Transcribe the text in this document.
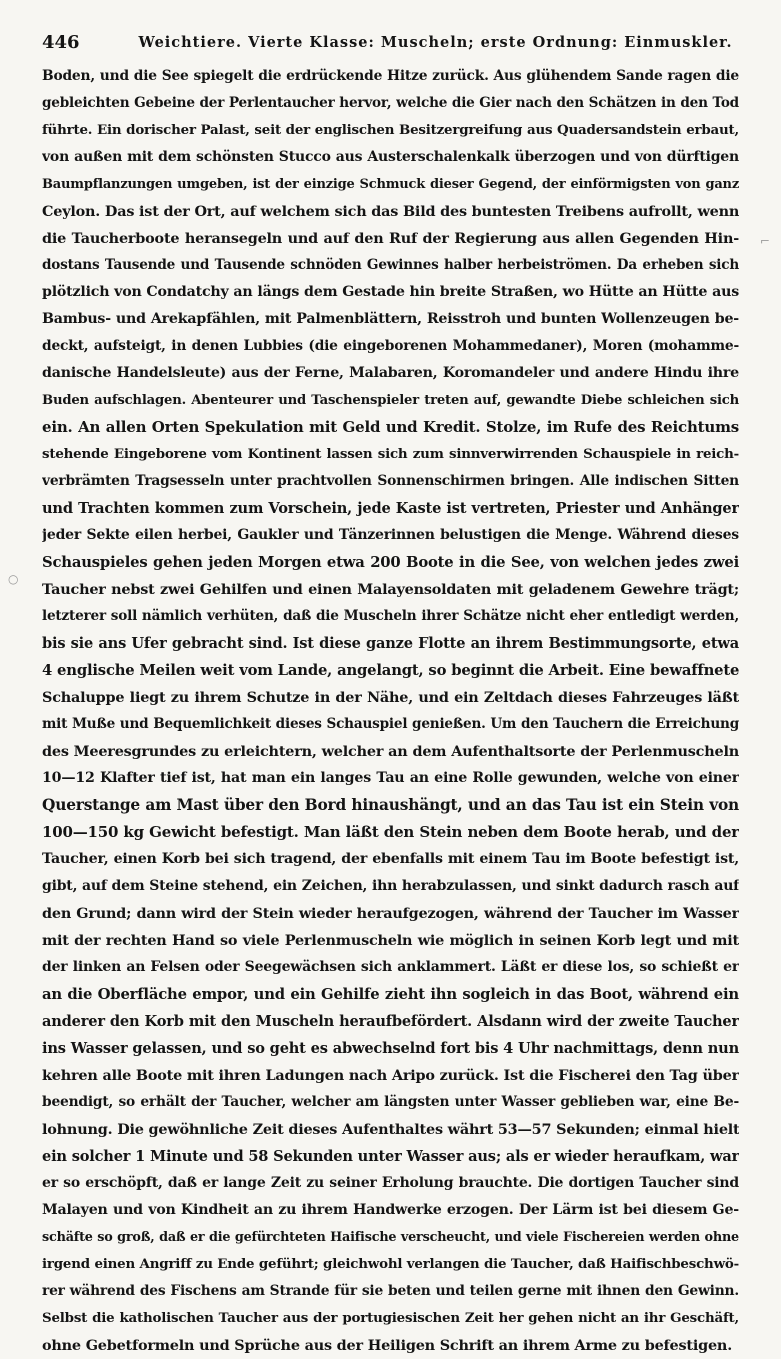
446	Weichtiere. Vierte Klasse: Muscheln; erste Ordnung: Einmuskler.
⌐
○
Boden, und die See spiegelt die erdrückende Hitze zurück. Aus glühendem Sande ragen die
gebleichten Gebeine der Perlentaucher hervor, welche die Gier nach den Schätzen in den Tod
führte. Ein dorischer Palast, seit der englischen Besitzergreifung aus Quadersandstein erbaut,
von außen mit dem schönsten Stucco aus Austerschalenkalk überzogen und von dürftigen
Baumpflanzungen umgeben, ist der einzige Schmuck dieser Gegend, der einförmigsten von ganz
Ceylon. Das ist der Ort, auf welchem sich das Bild des buntesten Treibens aufrollt, wenn
die Taucherboote heransegeln und auf den Ruf der Regierung aus allen Gegenden Hin-
dostans Tausende und Tausende schnöden Gewinnes halber herbeiströmen. Da erheben sich
plötzlich von Condatchy an längs dem Gestade hin breite Straßen, wo Hütte an Hütte aus
Bambus- und Arekapfählen, mit Palmenblättern, Reisstroh und bunten Wollenzeugen be-
deckt, aufsteigt, in denen Lubbies (die eingeborenen Mohammedaner), Moren (mohamme-
danische Handelsleute) aus der Ferne, Malabaren, Koromandeler und andere Hindu ihre
Buden aufschlagen. Abenteurer und Taschenspieler treten auf, gewandte Diebe schleichen sich
ein. An allen Orten Spekulation mit Geld und Kredit. Stolze, im Rufe des Reichtums
stehende Eingeborene vom Kontinent lassen sich zum sinnverwirrenden Schauspiele in reich-
verbrämten Tragsesseln unter prachtvollen Sonnenschirmen bringen. Alle indischen Sitten
und Trachten kommen zum Vorschein, jede Kaste ist vertreten, Priester und Anhänger
jeder Sekte eilen herbei, Gaukler und Tänzerinnen belustigen die Menge. Während dieses
Schauspieles gehen jeden Morgen etwa 200 Boote in die See, von welchen jedes zwei
Taucher nebst zwei Gehilfen und einen Malayensoldaten mit geladenem Gewehre trägt;
letzterer soll nämlich verhüten, daß die Muscheln ihrer Schätze nicht eher entledigt werden,
bis sie ans Ufer gebracht sind. Ist diese ganze Flotte an ihrem Bestimmungsorte, etwa
4 englische Meilen weit vom Lande, angelangt, so beginnt die Arbeit. Eine bewaffnete
Schaluppe liegt zu ihrem Schutze in der Nähe, und ein Zeltdach dieses Fahrzeuges läßt
mit Muße und Bequemlichkeit dieses Schauspiel genießen. Um den Tauchern die Erreichung
des Meeresgrundes zu erleichtern, welcher an dem Aufenthaltsorte der Perlenmuscheln
10—12 Klafter tief ist, hat man ein langes Tau an eine Rolle gewunden, welche von einer
Querstange am Mast über den Bord hinaushängt, und an das Tau ist ein Stein von
100—150 kg Gewicht befestigt. Man läßt den Stein neben dem Boote herab, und der
Taucher, einen Korb bei sich tragend, der ebenfalls mit einem Tau im Boote befestigt ist,
gibt, auf dem Steine stehend, ein Zeichen, ihn herabzulassen, und sinkt dadurch rasch auf
den Grund; dann wird der Stein wieder heraufgezogen, während der Taucher im Wasser
mit der rechten Hand so viele Perlenmuscheln wie möglich in seinen Korb legt und mit
der linken an Felsen oder Seegewächsen sich anklammert. Läßt er diese los, so schießt er
an die Oberfläche empor, und ein Gehilfe zieht ihn sogleich in das Boot, während ein
anderer den Korb mit den Muscheln heraufbefördert. Alsdann wird der zweite Taucher
ins Wasser gelassen, und so geht es abwechselnd fort bis 4 Uhr nachmittags, denn nun
kehren alle Boote mit ihren Ladungen nach Aripo zurück. Ist die Fischerei den Tag über
beendigt, so erhält der Taucher, welcher am längsten unter Wasser geblieben war, eine Be-
lohnung. Die gewöhnliche Zeit dieses Aufenthaltes währt 53—57 Sekunden; einmal hielt
ein solcher 1 Minute und 58 Sekunden unter Wasser aus; als er wieder heraufkam, war
er so erschöpft, daß er lange Zeit zu seiner Erholung brauchte. Die dortigen Taucher sind
Malayen und von Kindheit an zu ihrem Handwerke erzogen. Der Lärm ist bei diesem Ge-
schäfte so groß, daß er die gefürchteten Haifische verscheucht, und viele Fischereien werden ohne
irgend einen Angriff zu Ende geführt; gleichwohl verlangen die Taucher, daß Haifischbeschwö-
rer während des Fischens am Strande für sie beten und teilen gerne mit ihnen den Gewinn.
Selbst die katholischen Taucher aus der portugiesischen Zeit her gehen nicht an ihr Geschäft,
ohne Gebetformeln und Sprüche aus der Heiligen Schrift an ihrem Arme zu befestigen.
